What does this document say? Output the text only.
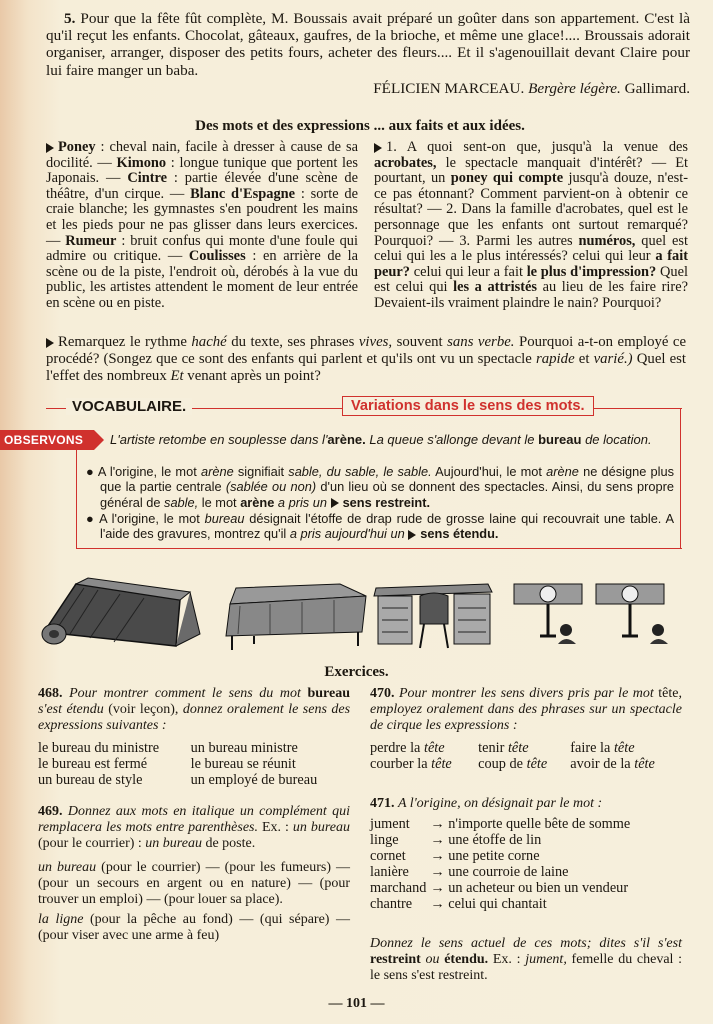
5. Pour que la fête fût complète, M. Boussais avait préparé un goûter dans son appartement. C'est là qu'il reçut les enfants. Chocolat, gâteaux, gaufres, de la brioche, et même une glace!.... Broussais adorait organiser, arranger, disposer des petits fours, acheter des fleurs.... Et il s'agenouillait devant Claire pour lui faire manger un baba.

FÉLICIEN MARCEAU. Bergère légère. Gallimard.

Des mots et des expressions ... aux faits et aux idées.

Poney : cheval nain, facile à dresser à cause de sa docilité. — Kimono : longue tunique que portent les Japonais. — Cintre : partie élevée d'une scène de théâtre, d'un cirque. — Blanc d'Espagne : sorte de craie blanche; les gymnastes s'en poudrent les mains et les pieds pour ne pas glisser dans leurs exercices. — Rumeur : bruit confus qui monte d'une foule qui admire ou critique. — Coulisses : en arrière de la scène ou de la piste, l'endroit où, dérobés à la vue du public, les artistes attendent le moment de leur entrée en scène ou en piste.

1. A quoi sent-on que, jusqu'à la venue des acrobates, le spectacle manquait d'intérêt? — Et pourtant, un poney qui compte jusqu'à douze, n'est-ce pas étonnant? Comment parvient-on à obtenir ce résultat? — 2. Dans la famille d'acrobates, quel est le personnage que les enfants ont surtout remarqué? Pourquoi? — 3. Parmi les autres numéros, quel est celui qui les a le plus intéressés? celui qui leur a fait peur? celui qui leur a fait le plus d'impression? Quel est celui qui les a attristés au lieu de les faire rire? Devaient-ils vraiment plaindre le nain? Pourquoi?

Remarquez le rythme haché du texte, ses phrases vives, souvent sans verbe. Pourquoi a-t-on employé ce procédé? (Songez que ce sont des enfants qui parlent et qu'ils ont vu un spectacle rapide et varié.) Quel est l'effet des nombreux Et venant après un point?

VOCABULAIRE.	Variations dans le sens des mots.
OBSERVONS	L'artiste retombe en souplesse dans l'arène. La queue s'allonge devant le bureau de location.
● A l'origine, le mot arène signifiait sable, du sable, le sable. Aujourd'hui, le mot arène ne désigne plus que la partie centrale (sablée ou non) d'un lieu où se donnent des spectacles. Ainsi, du sens propre général de sable, le mot arène a pris un sens restreint.
● A l'origine, le mot bureau désignait l'étoffe de drap rude de grosse laine qui recouvrait une table. A l'aide des gravures, montrez qu'il a pris aujourd'hui un sens étendu.
Exercices.

468. Pour montrer comment le sens du mot bureau s'est étendu (voir leçon), donnez oralement le sens des expressions suivantes :

le bureau du ministre	un bureau ministre
le bureau est fermé	le bureau se réunit
un bureau de style	un employé de bureau

469. Donnez aux mots en italique un complément qui remplacera les mots entre parenthèses. Ex. : un bureau (pour le courrier) : un bureau de poste.

un bureau (pour le courrier) — (pour les fumeurs) — (pour un secours en argent ou en nature) — (pour trouver un emploi) — (pour louer sa place).

la ligne (pour la pêche au fond) — (qui sépare) — (pour viser avec une arme à feu)

470. Pour montrer les sens divers pris par le mot tête, employez oralement dans des phrases sur un spectacle de cirque les expressions :

perdre la tête	tenir tête	faire la tête
courber la tête	coup de tête	avoir de la tête

471. A l'origine, on désignait par le mot :

jument	→ n'importe quelle bête de somme
linge	→ une étoffe de lin
cornet	→ une petite corne
lanière	→ une courroie de laine
marchand	→ un acheteur ou bien un vendeur
chantre	→ celui qui chantait

Donnez le sens actuel de ces mots; dites s'il s'est restreint ou étendu. Ex. : jument, femelle du cheval : le sens s'est restreint.

— 101 —
